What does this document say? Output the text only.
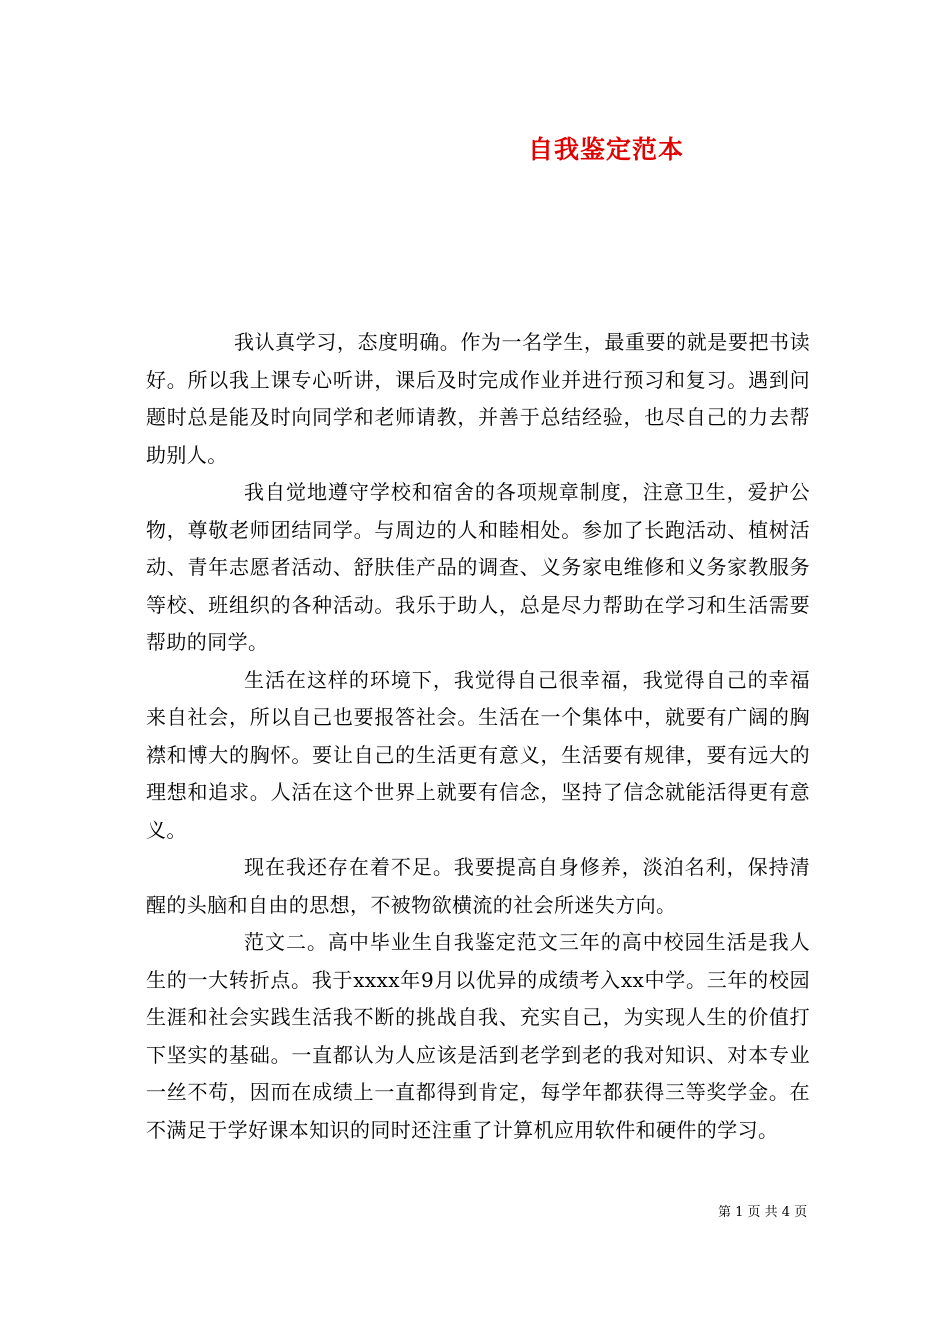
自我鉴定范本

我认真学习，态度明确。作为一名学生，最重要的就是要把书读好。所以我上课专心听讲，课后及时完成作业并进行预习和复习。遇到问题时总是能及时向同学和老师请教，并善于总结经验，也尽自己的力去帮助别人。

我自觉地遵守学校和宿舍的各项规章制度，注意卫生，爱护公物，尊敬老师团结同学。与周边的人和睦相处。参加了长跑活动、植树活动、青年志愿者活动、舒肤佳产品的调查、义务家电维修和义务家教服务等校、班组织的各种活动。我乐于助人，总是尽力帮助在学习和生活需要帮助的同学。

生活在这样的环境下，我觉得自己很幸福，我觉得自己的幸福来自社会，所以自己也要报答社会。生活在一个集体中，就要有广阔的胸襟和博大的胸怀。要让自己的生活更有意义，生活要有规律，要有远大的理想和追求。人活在这个世界上就要有信念，坚持了信念就能活得更有意义。

现在我还存在着不足。我要提高自身修养，淡泊名利，保持清醒的头脑和自由的思想，不被物欲横流的社会所迷失方向。

范文二。高中毕业生自我鉴定范文三年的高中校园生活是我人生的一大转折点。我于xxxx年9月以优异的成绩考入xx中学。三年的校园生涯和社会实践生活我不断的挑战自我、充实自己，为实现人生的价值打下坚实的基础。一直都认为人应该是活到老学到老的我对知识、对本专业一丝不苟，因而在成绩上一直都得到肯定，每学年都获得三等奖学金。在不满足于学好课本知识的同时还注重了计算机应用软件和硬件的学习。

第 1 页 共 4 页
